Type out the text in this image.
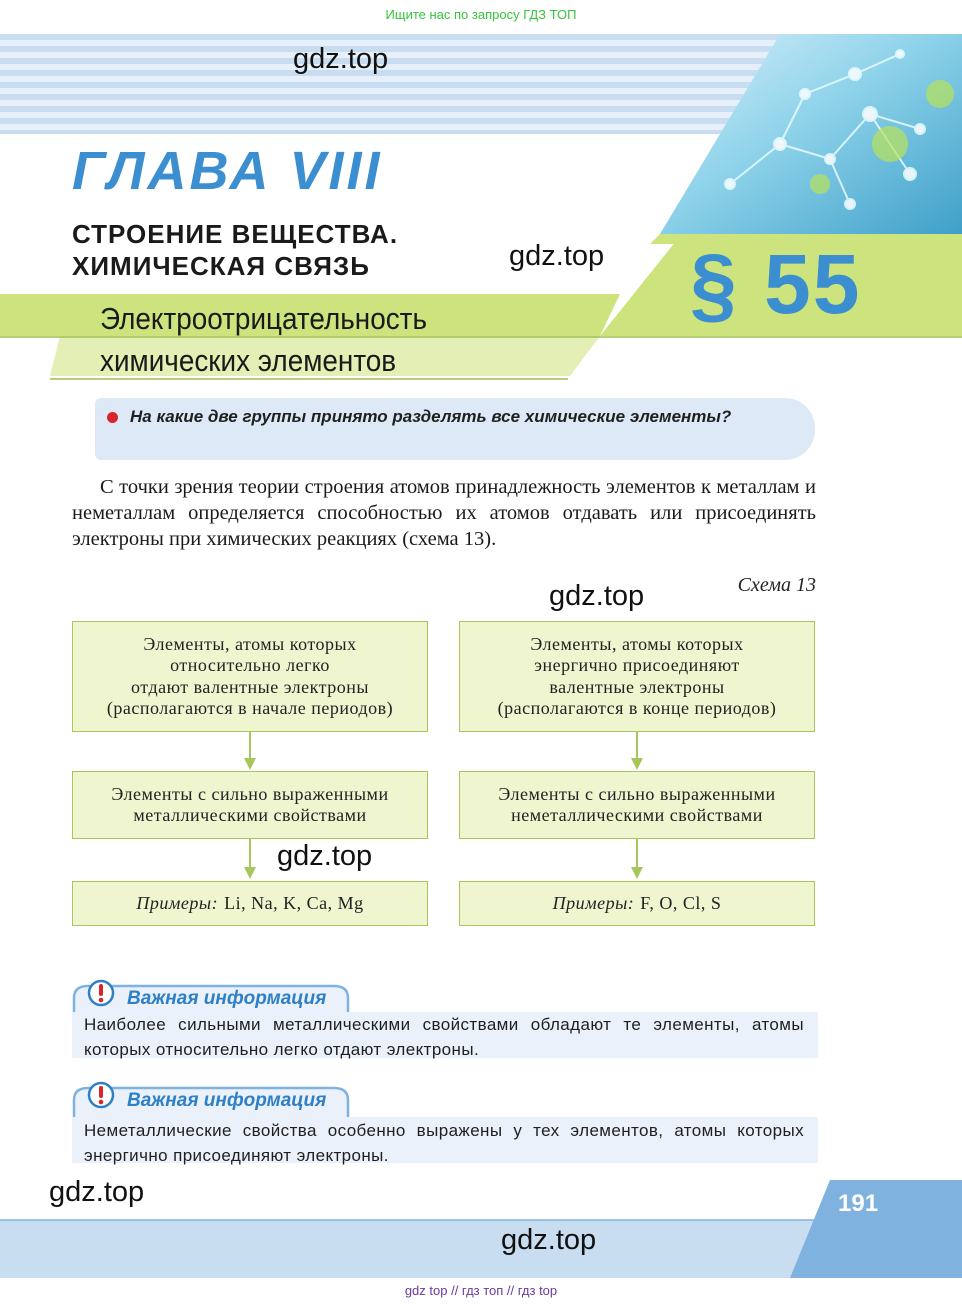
Ищите нас по запросу ГДЗ ТОП
gdz.top
ГЛАВА VIII
СТРОЕНИЕ ВЕЩЕСТВА.
ХИМИЧЕСКАЯ СВЯЗЬ	gdz.top § 55
Электроотрицательность
химических элементов
На какие две группы принято разделять все химические элементы?
С точки зрения теории строения атомов принадлежность элементов к металлам и неметаллам определяется способностью их атомов отдавать или присоединять электроны при химических реакциях (схема 13).
Схема 13
gdz.top
Элементы, атомы которых
относительно легко
отдают валентные электроны
(располагаются в начале периодов)
Элементы с сильно выраженными
металлическими свойствами
Примеры: Li, Na, K, Ca, Mg
Элементы, атомы которых
энергично присоединяют
валентные электроны
(располагаются в конце периодов)
Элементы с сильно выраженными
неметаллическими свойствами
Примеры: F, O, Cl, S
gdz.top
Важная информация
Наиболее сильными металлическими свойствами обладают те элементы, атомы которых относительно легко отдают электроны.
Важная информация
Неметаллические свойства особенно выражены у тех элементов, атомы которых энергично присоединяют электроны.
191
gdz.top
gdz.top
gdz top // гдз топ // гдз top
